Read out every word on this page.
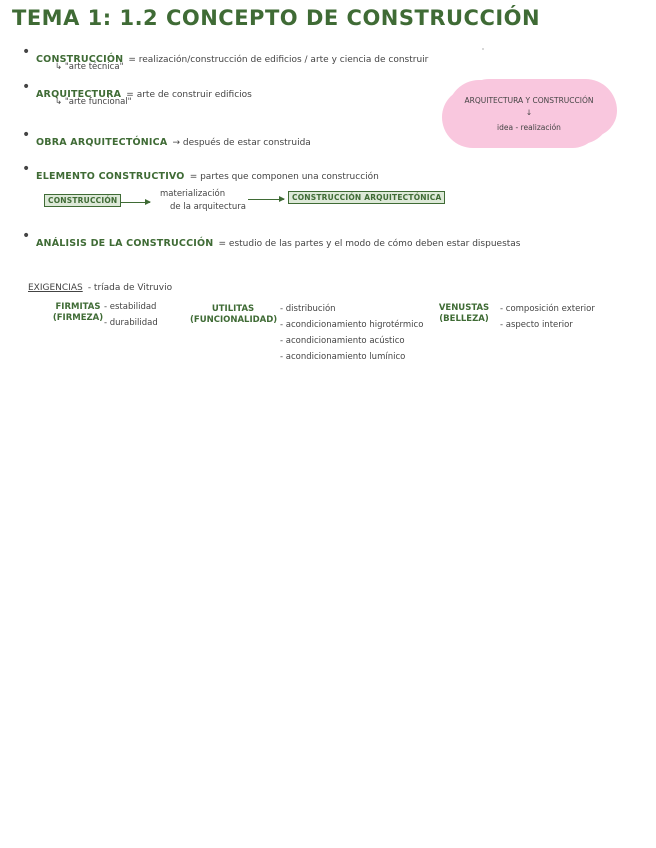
TEMA 1: 1.2 CONCEPTO DE CONSTRUCCIÓN
• CONSTRUCCIÓN = realización/construcción de edificios / arte y ciencia de construir
↳ "arte técnica"
• ARQUITECTURA = arte de construir edificios
↳ "arte funcional"	ARQUITECTURA Y CONSTRUCCIÓN
↓
idea - realización
• OBRA ARQUITECTÓNICA → después de estar construida
• ELEMENTO CONSTRUCTIVO = partes que componen una construcción
CONSTRUCCIÓN
materialización
de la arquitectura
CONSTRUCCIÓN ARQUITECTÓNICA
• ANÁLISIS DE LA CONSTRUCCIÓN = estudio de las partes y el modo de cómo deben estar dispuestas
EXIGENCIAS - tríada de Vitruvio
FIRMITAS
(FIRMEZA)
- estabilidad
- durabilidad
UTILITAS
(FUNCIONALIDAD)
- distribución
- acondicionamiento higrotérmico
- acondicionamiento acústico
- acondicionamiento lumínico
VENUSTAS
(BELLEZA)
- composición exterior
- aspecto interior
